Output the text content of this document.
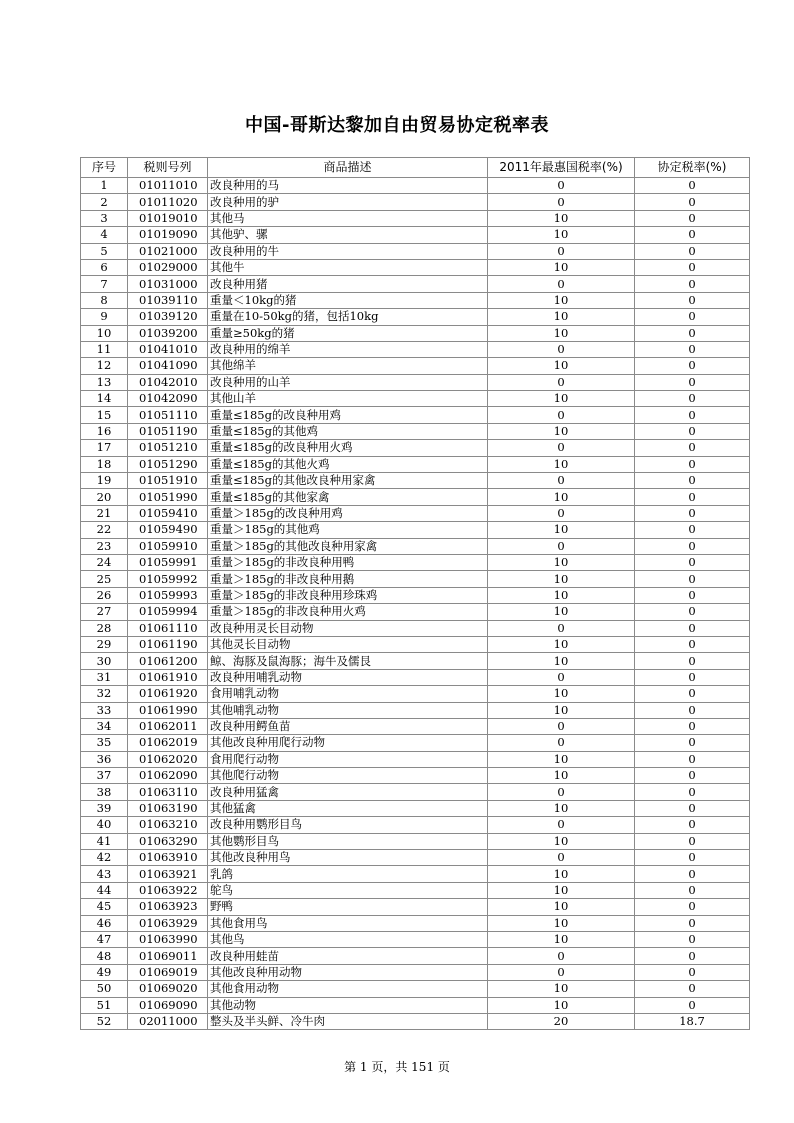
中国-哥斯达黎加自由贸易协定税率表
序号	税则号列	商品描述	2011年最惠国税率(%)	协定税率(%)
1	01011010	改良种用的马	0	0
2	01011020	改良种用的驴	0	0
3	01019010	其他马	10	0
4	01019090	其他驴、骡	10	0
5	01021000	改良种用的牛	0	0
6	01029000	其他牛	10	0
7	01031000	改良种用猪	0	0
8	01039110	重量＜10kg的猪	10	0
9	01039120	重量在10-50kg的猪，包括10kg	10	0
10	01039200	重量≥50kg的猪	10	0
11	01041010	改良种用的绵羊	0	0
12	01041090	其他绵羊	10	0
13	01042010	改良种用的山羊	0	0
14	01042090	其他山羊	10	0
15	01051110	重量≤185g的改良种用鸡	0	0
16	01051190	重量≤185g的其他鸡	10	0
17	01051210	重量≤185g的改良种用火鸡	0	0
18	01051290	重量≤185g的其他火鸡	10	0
19	01051910	重量≤185g的其他改良种用家禽	0	0
20	01051990	重量≤185g的其他家禽	10	0
21	01059410	重量＞185g的改良种用鸡	0	0
22	01059490	重量＞185g的其他鸡	10	0
23	01059910	重量＞185g的其他改良种用家禽	0	0
24	01059991	重量＞185g的非改良种用鸭	10	0
25	01059992	重量＞185g的非改良种用鹅	10	0
26	01059993	重量＞185g的非改良种用珍珠鸡	10	0
27	01059994	重量＞185g的非改良种用火鸡	10	0
28	01061110	改良种用灵长目动物	0	0
29	01061190	其他灵长目动物	10	0
30	01061200	鲸、海豚及鼠海豚；海牛及儒艮	10	0
31	01061910	改良种用哺乳动物	0	0
32	01061920	食用哺乳动物	10	0
33	01061990	其他哺乳动物	10	0
34	01062011	改良种用鳄鱼苗	0	0
35	01062019	其他改良种用爬行动物	0	0
36	01062020	食用爬行动物	10	0
37	01062090	其他爬行动物	10	0
38	01063110	改良种用猛禽	0	0
39	01063190	其他猛禽	10	0
40	01063210	改良种用鹦形目鸟	0	0
41	01063290	其他鹦形目鸟	10	0
42	01063910	其他改良种用鸟	0	0
43	01063921	乳鸽	10	0
44	01063922	鸵鸟	10	0
45	01063923	野鸭	10	0
46	01063929	其他食用鸟	10	0
47	01063990	其他鸟	10	0
48	01069011	改良种用蛙苗	0	0
49	01069019	其他改良种用动物	0	0
50	01069020	其他食用动物	10	0
51	01069090	其他动物	10	0
52	02011000	整头及半头鲜、冷牛肉	20	18.7
第 1 页，共 151 页
